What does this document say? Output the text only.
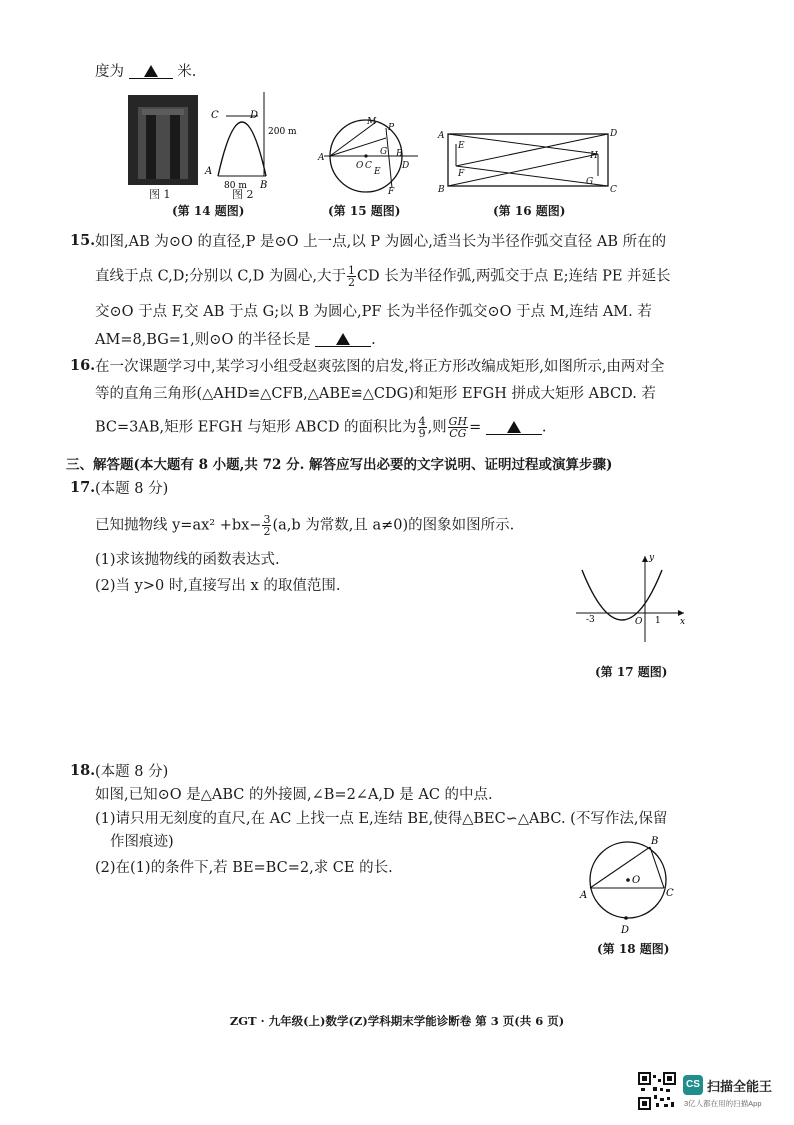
度为	米.
C	D
200 m
A
B
80 m
图 1	图 2
(第 14 题图)
A
M
P
O C
G B
D
E
F
(第 15 题图)
A	D
B	C
E
F
H
G
(第 16 题图)
15. 如图,AB 为⊙O 的直径,P 是⊙O 上一点,以 P 为圆心,适当长为半径作弧交直径 AB 所在的
直线于点 C,D;分别以 C,D 为圆心,大于 $\frac{1}{2}$ CD 长为半径作弧,两弧交于点 E;连结 PE 并延长
交⊙O 于点 F,交 AB 于点 G;以 B 为圆心,PF 长为半径作弧交⊙O 于点 M,连结 AM. 若
AM=8,BG=1,则⊙O 的半径长是	.
16. 在一次课题学习中,某学习小组受赵爽弦图的启发,将正方形改编成矩形,如图所示,由两对全
等的直角三角形(△AHD≌△CFB,△ABE≌△CDG)和矩形 EFGH 拼成大矩形 ABCD. 若
BC=3AB,矩形 EFGH 与矩形 ABCD 的面积比为 $\frac{4}{9}$ ,则 $\frac{GH}{CG}$ =	.
三、解答题(本大题有 8 小题,共 72 分. 解答应写出必要的文字说明、证明过程或演算步骤)
17. (本题 8 分)
已知抛物线 $y=ax^2 +bx- \frac{3}{2} (a,b$ 为常数,且 a≠0)的图象如图所示.
(1)求该抛物线的函数表达式.
(2)当 y>0 时,直接写出 x 的取值范围.
y
x
-3	1
O
(第 17 题图)
18. (本题 8 分)
如图,已知⊙O 是△ABC 的外接圆,∠B=2∠A,D 是 AC 的中点.
(1)请只用无刻度的直尺,在 AC 上找一点 E,连结 BE,使得△BEC∽△ABC. (不写作法,保留
作图痕迹)
(2)在(1)的条件下,若 BE=BC=2,求 CE 的长.
A
B
C
D
O
(第 18 题图)
ZGT · 九年级(上)数学(Z)学科期末学能诊断卷 第 3 页(共 6 页)
CS 扫描全能王
3亿人都在用的扫描App
